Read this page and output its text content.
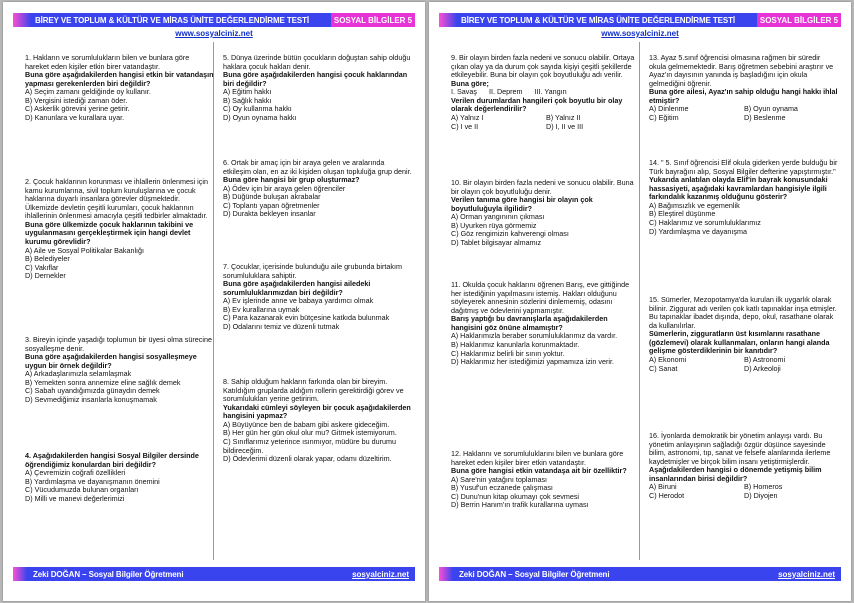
BİREY VE TOPLUM & KÜLTÜR VE MİRAS ÜNİTE DEĞERLENDİRME TESTİ	SOSYAL BİLGİLER 5
www.sosyalciniz.net

1. Hakların ve sorumlulukların bilen ve bunlara göre hareket eden kişiler etkin birer vatandaştır.

Buna göre aşağıdakilerden hangisi etkin bir vatandaşın yapması gerekenlerden biri değildir?

A) Seçim zamanı geldiğinde oy kullanır.

B) Vergisini istediği zaman öder.

C) Askerlik görevini yerine getirir.

D) Kanunlara ve kurallara uyar.

2. Çocuk haklarının korunması ve ihlallerin önlenmesi için kamu kurumlarına, sivil toplum kuruluşlarına ve çocuk haklarına duyarlı insanlara görevler düşmektedir. Ülkemizde devletin çeşitli kurumları, çocuk haklarının ihlallerinin önlenmesi amacıyla çeşitli tedbirler almaktadır.

Buna göre ülkemizde çocuk haklarının takibini ve uygulanmasını gerçekleştirmek için hangi devlet kurumu görevlidir?

A) Aile ve Sosyal Politikalar Bakanlığı

B) Belediyeler

C) Vakıflar

D) Dernekler

3. Bireyin içinde yaşadığı toplumun bir üyesi olma sürecine sosyalleşme denir.

Buna göre aşağıdakilerden hangisi sosyalleşmeye uygun bir örnek değildir?

A) Arkadaşlarımızla selamlaşmak

B) Yemekten sonra annemize eline sağlık demek

C) Sabah uyandığımızda günaydın demek

D) Sevmediğimiz insanlarla konuşmamak

4. Aşağıdakilerden hangisi Sosyal Bilgiler dersinde öğrendiğimiz konulardan biri değildir?

A) Çevremizin coğrafi özellikleri

B) Yardımlaşma ve dayanışmanın önemini

C) Vücudumuzda bulunan organları

D) Milli ve manevi değerlerimizi

5. Dünya üzerinde bütün çocukların doğuştan sahip olduğu haklara çocuk hakları denir.

Buna göre aşağıdakilerden hangisi çocuk haklarından biri değildir?

A) Eğitim hakkı

B) Sağlık hakkı

C) Oy kullanma hakkı

D) Oyun oynama hakkı

6. Ortak bir amaç için bir araya gelen ve aralarında etkileşim olan, en az iki kişiden oluşan topluluğa grup denir.

Buna göre hangisi bir grup oluşturmaz?

A) Ödev için bir araya gelen öğrenciler

B) Düğünde buluşan akrabalar

C) Toplantı yapan öğretmenler

D) Durakta bekleyen insanlar

7. Çocuklar, içerisinde bulunduğu aile grubunda birtakım sorumluluklara sahiptir.

Buna göre aşağıdakilerden hangisi ailedeki sorumluluklarımızdan biri değildir?

A) Ev işlerinde anne ve babaya yardımcı olmak

B) Ev kurallarına uymak

C) Para kazanarak evin bütçesine katkıda bulunmak

D) Odalarını temiz ve düzenli tutmak

8. Sahip olduğum hakların farkında olan bir bireyim. Katıldığım gruplarda aldığım rollerin gerektirdiği görev ve sorumlulukları yerine getiririm.

Yukarıdaki cümleyi söyleyen bir çocuk aşağıdakilerden hangisini yapmaz?

A) Büyüyünce ben de babam gibi askere gideceğim.

B) Her gün her gün okul olur mu? Gitmek istemiyorum.

C) Sınıflarımız yeterince ısınmıyor, müdüre bu durumu bildireceğim.

D) Ödevlerimi düzenli olarak yapar, odamı düzeltirim.

Zeki DOĞAN – Sosyal Bilgiler Öğretmeni	sosyalciniz.net
BİREY VE TOPLUM & KÜLTÜR VE MİRAS ÜNİTE DEĞERLENDİRME TESTİ	SOSYAL BİLGİLER 5
www.sosyalciniz.net

9. Bir olayın birden fazla nedeni ve sonucu olabilir. Ortaya çıkan olay ya da durum çok sayıda kişiyi çeşitli şekillerde etkileyebilir. Buna bir olayın çok boyutluluğu adı verilir.

Buna göre;

I. Savaş II. Deprem III. Yangın

Verilen durumlardan hangileri çok boyutlu bir olay olarak değerlendirilir?

A) Yalnız I	B) Yalnız II
C) I ve II	D) I, II ve III

10. Bir olayın birden fazla nedeni ve sonucu olabilir. Buna bir olayın çok boyutluluğu denir.

Verilen tanıma göre hangisi bir olayın çok boyutluluğuyla ilgilidir?

A) Orman yangınının çıkması

B) Uyurken rüya görmemiz

C) Göz rengimizin kahverengi olması

D) Tablet bilgisayar almamız

11. Okulda çocuk haklarını öğrenen Barış, eve gittiğinde her istediğinin yapılmasını istemiş. Hakları olduğunu söyleyerek annesinin sözlerini dinlememiş, odasını dağıtmış ve ödevlerini yapmamıştır.

Barış yaptığı bu davranışlarla aşağıdakilerden hangisini göz önüne almamıştır?

A) Haklarımızla beraber sorumluluklarımız da vardır.

B) Haklarımız kanunlarla korunmaktadır.

C) Haklarımız belirli bir sının yoktur.

D) Haklarımız her istediğimizi yapmamıza izin verir.

12. Haklarını ve sorumluluklarını bilen ve bunlara göre hareket eden kişiler birer etkin vatandaştır.

Buna göre hangisi etkin vatandaşa ait bir özelliktir?

A) Sare'nin yatağını toplaması

B) Yusuf'un eczanede çalışması

C) Dunu'nun kitap okumayı çok sevmesi

D) Berrin Hanım'ın trafik kurallarına uyması

13. Ayaz 5.sınıf öğrencisi olmasına rağmen bir süredir okula gelmemektedir. Barış öğretmen sebebini araştırır ve Ayaz'ın dayısının yanında iş başladığını için okula gelmediğini öğrenir.

Buna göre ailesi, Ayaz'ın sahip olduğu hangi hakkı ihlal etmiştir?

A) Dinlenme	B) Oyun oynama
C) Eğitim	D) Beslenme

14. " 5. Sınıf öğrencisi Elif okula giderken yerde bulduğu bir Türk bayrağını alıp, Sosyal Bilgiler defterine yapıştırmıştır."

Yukarıda anlatılan olayda Elif'in bayrak konusundaki hassasiyeti, aşağıdaki kavramlardan hangisiyle ilgili farkındalık kazanmış olduğunu gösterir?

A) Bağımsızlık ve egemenlik

B) Eleştirel düşünme

C) Haklarımız ve sorumluluklarımız

D) Yardımlaşma ve dayanışma

15. Sümerler, Mezopotamya'da kurulan ilk uygarlık olarak bilinir. Ziggurat adı verilen çok katlı tapınaklar inşa etmişler. Bu tapınaklar ibadet dışında, depo, okul, rasathane olarak da kullanılırlar.

Sümerlerin, zigguratların üst kısımlarını rasathane (gözlemevi) olarak kullanmaları, onların hangi alanda gelişme gösterdiklerinin bir kanıtıdır?

A) Ekonomi	B) Astronomi
C) Sanat	D) Arkeoloji

16. İyonlarda demokratik bir yönetim anlayışı vardı. Bu yönetim anlayışının sağladığı özgür düşünce sayesinde bilim, astronomi, tıp, sanat ve felsefe alanlarında ilerleme kaydetmişler ve birçok bilim insanı yetiştirmişlerdir.

Aşağıdakilerden hangisi o dönemde yetişmiş bilim insanlarından birisi değildir?

A) Biruni	B) Homeros
C) Herodot	D) Diyojen
Zeki DOĞAN – Sosyal Bilgiler Öğretmeni	sosyalciniz.net
